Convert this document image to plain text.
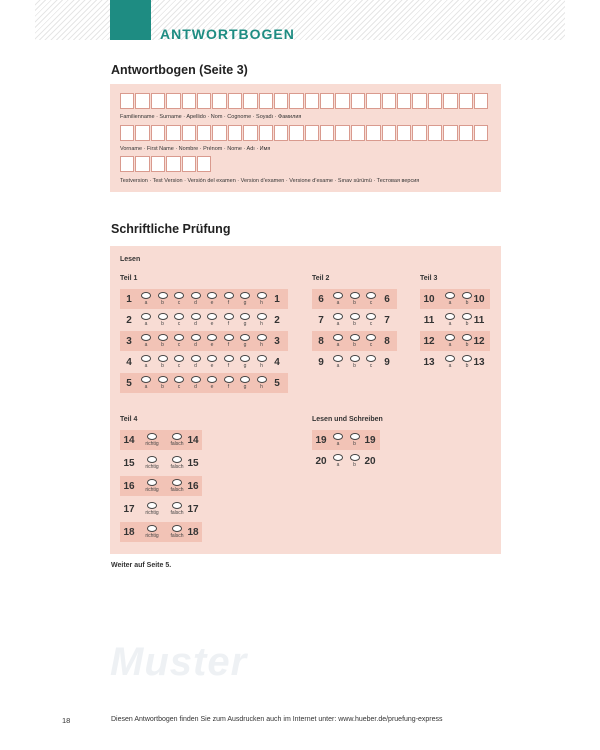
ANTWORTBOGEN
Antwortbogen (Seite 3)
Familienname · Surname · Apellido · Nom · Cognome · Soyadı · Фамилия
Vorname · First Name · Nombre · Prénom · Nome · Adı · Имя
Testversion · Test Version · Versión del examen · Version d’examen · Versione d’esame · Sınav sürümü · Тестовая версия
Schriftliche Prüfung
Lesen
Teil 1	Teil 2	Teil 3
Teil 4	Lesen und Schreiben
1	a	b	c	d	e	f	g	h	1
2	a	b	c	d	e	f	g	h	2
3	a	b	c	d	e	f	g	h	3
4	a	b	c	d	e	f	g	h	4
5	a	b	c	d	e	f	g	h	5
6	a	b	c	6
7	a	b	c	7
8	a	b	c	8
9	a	b	c	9
10	a	b 10
11	a	b 11
12	a	b 12
13	a	b 13
14	richtig	falsch 14
15	richtig	falsch 15
16	richtig	falsch 16
17	richtig	falsch 17
18	richtig	falsch 18
19	a	b 19
20	a	b 20
Weiter auf Seite 5.
Muster
18	Diesen Antwortbogen finden Sie zum Ausdrucken auch im Internet unter: www.hueber.de/pruefung-express
